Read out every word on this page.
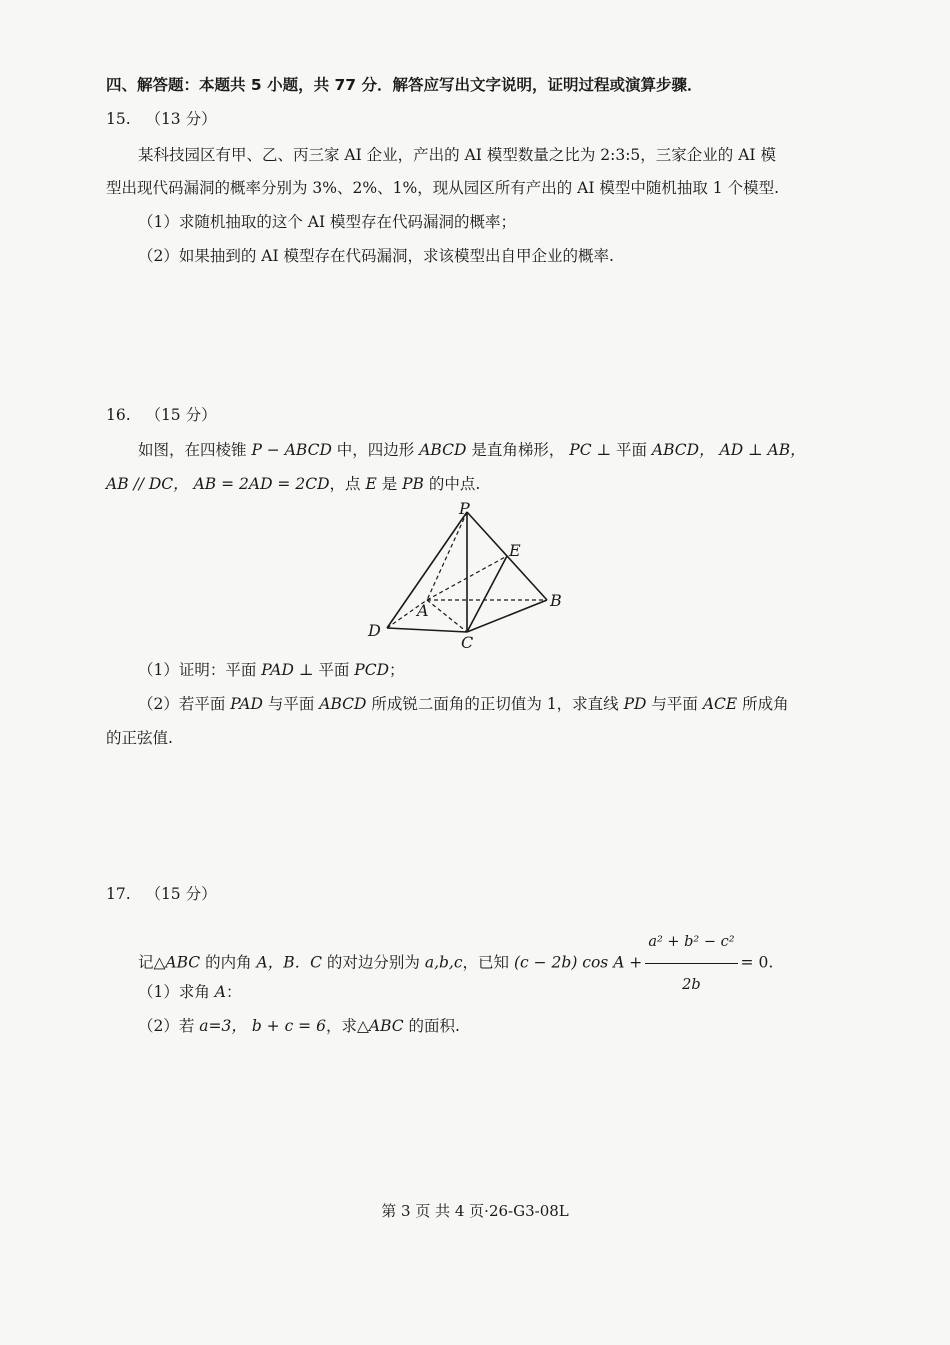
四、解答题：本题共 5 小题，共 77 分．解答应写出文字说明，证明过程或演算步骤．
15. （13 分）
某科技园区有甲、乙、丙三家 AI 企业，产出的 AI 模型数量之比为 2:3:5，三家企业的 AI 模
型出现代码漏洞的概率分别为 3%、2%、1%，现从园区所有产出的 AI 模型中随机抽取 1 个模型.
（1）求随机抽取的这个 AI 模型存在代码漏洞的概率；
（2）如果抽到的 AI 模型存在代码漏洞，求该模型出自甲企业的概率.
16. （15 分）
如图，在四棱锥 P − ABCD 中，四边形 ABCD 是直角梯形， PC ⊥ 平面 ABCD， AD ⊥ AB，
AB // DC， AB = 2AD = 2CD，点 E 是 PB 的中点.
P
E
A
B
D
C
（1）证明：平面 PAD ⊥ 平面 PCD；
（2）若平面 PAD 与平面 ABCD 所成锐二面角的正切值为 1，求直线 PD 与平面 ACE 所成角
的正弦值.
17. （15 分）
记△ABC 的内角 A，B．C 的对边分别为 a,b,c，已知 (c − 2b) $\cos A + \frac{\text{a² + b² − c²}}{2b} = 0$.
（1）求角 A：
（2）若 a=3， b + c = 6，求△ABC 的面积.
第 3 页 共 4 页·26-G3-08L
